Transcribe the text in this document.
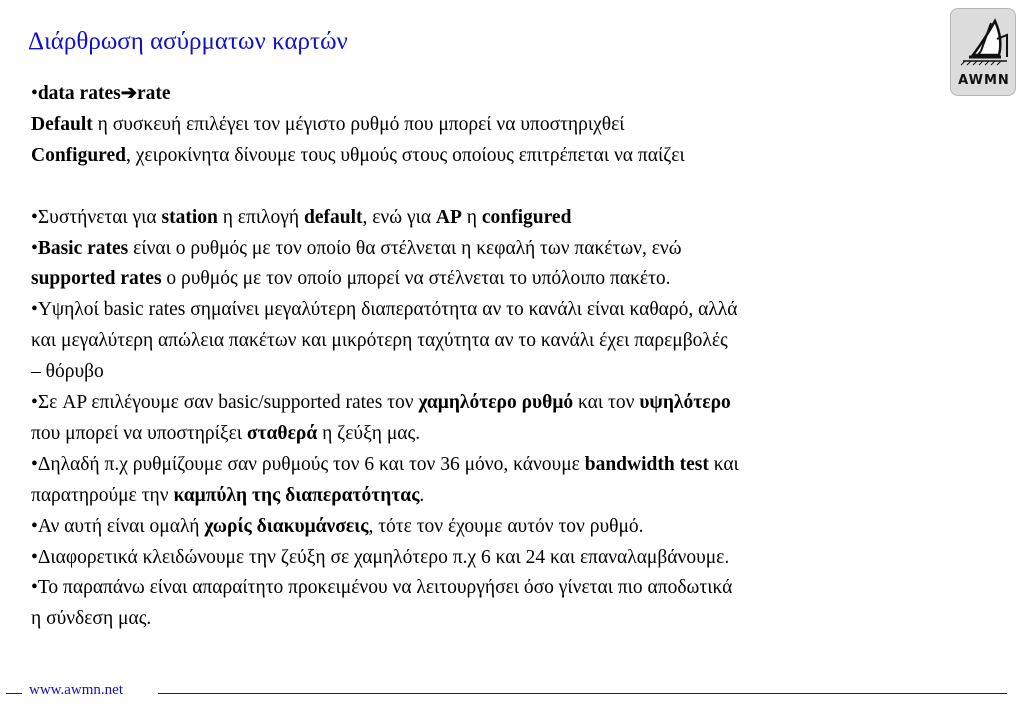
Διάρθρωση ασύρματων καρτών
AWMN

•data rates➔rate

Default η συσκευή επιλέγει τον μέγιστο ρυθμό που μπορεί να υποστηριχθεί

Configured, χειροκίνητα δίνουμε τους υθμούς στους οποίους επιτρέπεται να παίζει

•Συστήνεται για station η επιλογή default, ενώ για AP η configured

•Basic rates είναι ο ρυθμός με τον οποίο θα στέλνεται η κεφαλή των πακέτων, ενώ

supported rates ο ρυθμός με τον οποίο μπορεί να στέλνεται το υπόλοιπο πακέτο.

•Υψηλοί basic rates σημαίνει μεγαλύτερη διαπερατότητα αν το κανάλι είναι καθαρό, αλλά

και μεγαλύτερη απώλεια πακέτων και μικρότερη ταχύτητα αν το κανάλι έχει παρεμβολές

– θόρυβο

•Σε AP επιλέγουμε σαν basic/supported rates τον χαμηλότερο ρυθμό και τον υψηλότερο

που μπορεί να υποστηρίξει σταθερά η ζεύξη μας.

•Δηλαδή π.χ ρυθμίζουμε σαν ρυθμούς τον 6 και τον 36 μόνο, κάνουμε bandwidth test και

παρατηρούμε την καμπύλη της διαπερατότητας.

•Αν αυτή είναι ομαλή χωρίς διακυμάνσεις, τότε τον έχουμε αυτόν τον ρυθμό.

•Διαφορετικά κλειδώνουμε την ζεύξη σε χαμηλότερο π.χ 6 και 24 και επαναλαμβάνουμε.

•Το παραπάνω είναι απαραίτητο προκειμένου να λειτουργήσει όσο γίνεται πιο αποδωτικά

η σύνδεση μας.

www.awmn.net
